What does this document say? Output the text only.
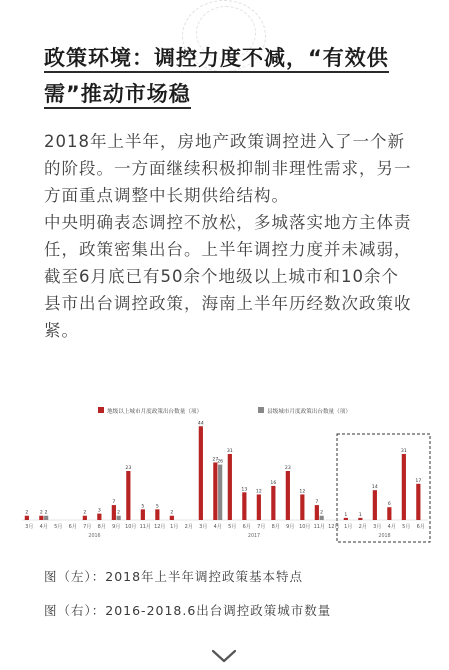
政策环境：调控力度不减，“有效供
需”推动市场稳

2018年上半年，房地产政策调控进入了一个新的阶段。一方面继续积极抑制非理性需求，另一方面重点调整中长期供给结构。

中央明确表态调控不放松，多城落实地方主体责任，政策密集出台。上半年调控力度并未减弱，截至6月底已有50余个地级以上城市和10余个县市出台调控政策，海南上半年历经数次政策收紧。

地级以上城市月度政策出台数量（项）	县级城市月度政策出台数量（项）
2
3月
2 2
4月 5月 6月
2
7月
3
8月
7
2
9月
23
10月
5
11月
5
12月
2
1月 2月
44
3月
27
26
4月
31
5月
13
6月
12
7月
16
8月
23
9月
12
10月
7
2
11月 12月
1
1月
1
2月
14
3月
6
4月
31
5月
17
6月
2016	2017	2018
图（左）：2018年上半年调控政策基本特点
图（右）：2016-2018.6出台调控政策城市数量
